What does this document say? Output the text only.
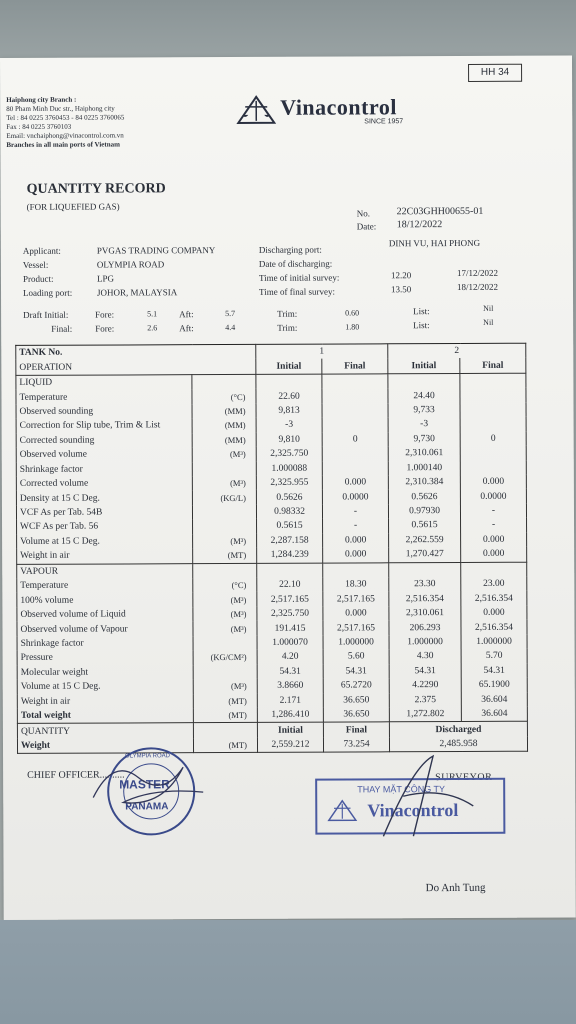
HH 34
Haiphong city Branch :
80 Pham Minh Duc str., Haiphong city
Tel : 84 0225 3760453 - 84 0225 3760065
Fax : 84 0225 3760103
Email: vnchaiphong@vinacontrol.com.vn
Branches in all main ports of Vietnam
Vinacontrol
SINCE 1957
QUANTITY RECORD
(FOR LIQUEFIED GAS)
No.	22C03GHH00655-01
Date: 18/12/2022
Applicant:	PVGAS TRADING COMPANY
Vessel:	OLYMPIA ROAD
Product:	LPG
Loading port:	JOHOR, MALAYSIA
Discharging port:
DINH VU, HAI PHONG
Date of discharging:
Time of initial survey:	12.20	17/12/2022
Time of final survey:	13.50	18/12/2022
Draft Initial:	Fore:	5.1 Aft:	5.7	Trim:	0.60	List:	Nil
Final:	Fore:	2.6 Aft:	4.4	Trim:	1.80	List:	Nil
TANK No.		1		2	
OPERATION		Initial	Final	Initial	Final
LIQUID					
Temperature	(°C)	22.60		24.40	
Observed sounding	(MM)	9,813		9,733	
Correction for Slip tube, Trim & List	(MM)	-3		-3	
Corrected sounding	(MM)	9,810	0	9,730	0
Observed volume	(M³)	2,325.750		2,310.061	
Shrinkage factor		1.000088		1.000140	
Corrected volume	(M³)	2,325.955	0.000	2,310.384	0.000
Density at 15 C Deg.	(KG/L)	0.5626	0.0000	0.5626	0.0000
VCF As per Tab. 54B		0.98332	-	0.97930	-
WCF As per Tab. 56		0.5615	-	0.5615	-
Volume at 15 C Deg.	(M³)	2,287.158	0.000	2,262.559	0.000
Weight in air	(MT)	1,284.239	0.000	1,270.427	0.000
VAPOUR					
Temperature	(°C)	22.10	18.30	23.30	23.00
100% volume	(M³)	2,517.165	2,517.165	2,516.354	2,516.354
Observed volume of Liquid	(M³)	2,325.750	0.000	2,310.061	0.000
Observed volume of Vapour	(M³)	191.415	2,517.165	206.293	2,516.354
Shrinkage factor		1.000070	1.000000	1.000000	1.000000
Pressure	(KG/CM²)	4.20	5.60	4.30	5.70
Molecular weight		54.31	54.31	54.31	54.31
Volume at 15 C Deg.	(M³)	3.8660	65.2720	4.2290	65.1900
Weight in air	(MT)	2.171	36.650	2.375	36.604
Total weight	(MT)	1,286.410	36.650	1,272.802	36.604
QUANTITY		Initial	Final	Discharged	
Weight	(MT)	2,559.212	73.254	2,485.958	
CHIEF OFFICER..........
OLYMPIA ROAD
MASTER
PANAMA
SURVEYOR
THAY MẶT CÔNG TY
Vinacontrol
Do Anh Tung
